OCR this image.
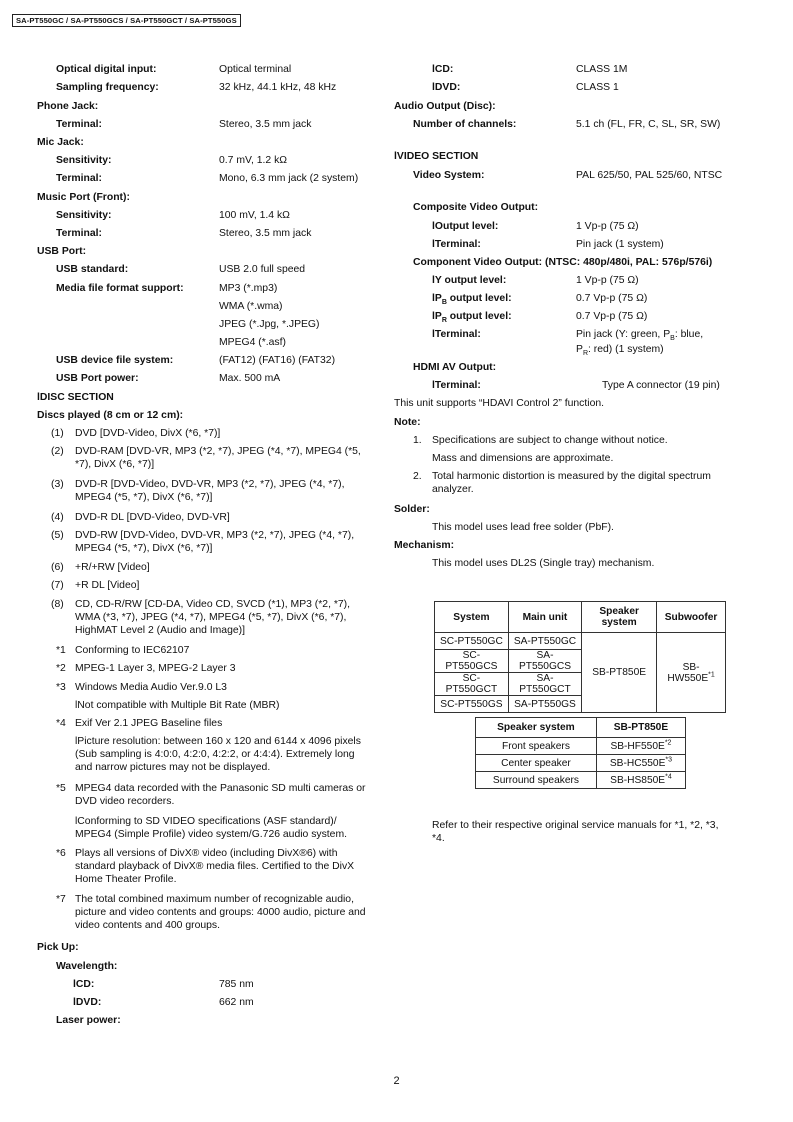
SA-PT550GC / SA-PT550GCS / SA-PT550GCT / SA-PT550GS
Optical digital input:	Optical terminal
Sampling frequency:	32 kHz, 44.1 kHz, 48 kHz
Phone Jack:
Terminal:	Stereo, 3.5 mm jack
Mic Jack:
Sensitivity:	0.7 mV, 1.2 kΩ
Terminal:	Mono, 6.3 mm jack (2 system)
Music Port (Front):
Sensitivity:	100 mV, 1.4 kΩ
Terminal:	Stereo, 3.5 mm jack
USB Port:
USB standard:	USB 2.0 full speed
Media file format support:	MP3 (*.mp3)
WMA (*.wma)
JPEG (*.Jpg, *.JPEG)
MPEG4 (*.asf)
USB device file system:	(FAT12) (FAT16) (FAT32)
USB Port power:	Max. 500 mA
lDISC SECTION
Discs played (8 cm or 12 cm):
(1) DVD [DVD-Video, DivX (*6, *7)]
(2) DVD-RAM [DVD-VR, MP3 (*2, *7), JPEG (*4, *7), MPEG4 (*5, *7), DivX (*6, *7)]
(3) DVD-R [DVD-Video, DVD-VR, MP3 (*2, *7), JPEG (*4, *7), MPEG4 (*5, *7), DivX (*6, *7)]
(4) DVD-R DL [DVD-Video, DVD-VR]
(5) DVD-RW [DVD-Video, DVD-VR, MP3 (*2, *7), JPEG (*4, *7), MPEG4 (*5, *7), DivX (*6, *7)]
(6) +R/+RW [Video]
(7) +R DL [Video]
(8) CD, CD-R/RW [CD-DA, Video CD, SVCD (*1), MP3 (*2, *7), WMA (*3, *7), JPEG (*4, *7), MPEG4 (*5, *7), DivX (*6, *7), HighMAT Level 2 (Audio and Image)]
*1 Conforming to IEC62107
*2 MPEG-1 Layer 3, MPEG-2 Layer 3
*3 Windows Media Audio Ver.9.0 L3
lNot compatible with Multiple Bit Rate (MBR)
*4 Exif Ver 2.1 JPEG Baseline files
lPicture resolution: between 160 x 120 and 6144 x 4096 pixels (Sub sampling is 4:0:0, 4:2:0, 4:2:2, or 4:4:4). Extremely long and narrow pictures may not be displayed.
*5 MPEG4 data recorded with the Panasonic SD multi cameras or DVD video recorders.
lConforming to SD VIDEO specifications (ASF standard)/ MPEG4 (Simple Profile) video system/G.726 audio system.
*6 Plays all versions of DivX® video (including DivX®6) with standard playback of DivX® media files. Certified to the DivX Home Theater Profile.
*7 The total combined maximum number of recognizable audio, picture and video contents and groups: 4000 audio, picture and video contents and 400 groups.
Pick Up:
Wavelength:
lCD:	785 nm
lDVD:	662 nm
Laser power:
lCD:	CLASS 1M
lDVD:	CLASS 1
Audio Output (Disc):
Number of channels:	5.1 ch (FL, FR, C, SL, SR, SW)
lVIDEO SECTION
Video System:	PAL 625/50, PAL 525/60, NTSC
Composite Video Output:
lOutput level:	1 Vp-p (75 Ω)
lTerminal:	Pin jack (1 system)
Component Video Output: (NTSC: 480p/480i, PAL: 576p/576i)
lY output level:	1 Vp-p (75 Ω)
$lP_B$ output level:	0.7 Vp-p (75 Ω)
$lP_R$ output level:	0.7 Vp-p (75 Ω)
lTerminal:	Pin jack (Y: green, $P_B$: blue,
$P_R$: red) (1 system)
HDMI AV Output:
lTerminal:	Type A connector (19 pin)
This unit supports “HDAVI Control 2” function.
Note:
1. Specifications are subject to change without notice.
Mass and dimensions are approximate.
2. Total harmonic distortion is measured by the digital spectrum analyzer.
Solder:
This model uses lead free solder (PbF).
Mechanism:
This model uses DL2S (Single tray) mechanism.
System	Main unit	Speaker system	Subwoofer
SC-PT550GC	SA-PT550GC	SB-PT850E	$SB-HW550E^{*1}$
SC-PT550GCS	SA-PT550GCS		
SC-PT550GCT	SA-PT550GCT		
SC-PT550GS	SA-PT550GS		
Speaker system	SB-PT850E
Front speakers	$SB-HF550E^{*2}$
Center speaker	$SB-HC550E^{*3}$
Surround speakers	$SB-HS850E^{*4}$
Refer to their respective original service manuals for *1, *2, *3, *4.
2
